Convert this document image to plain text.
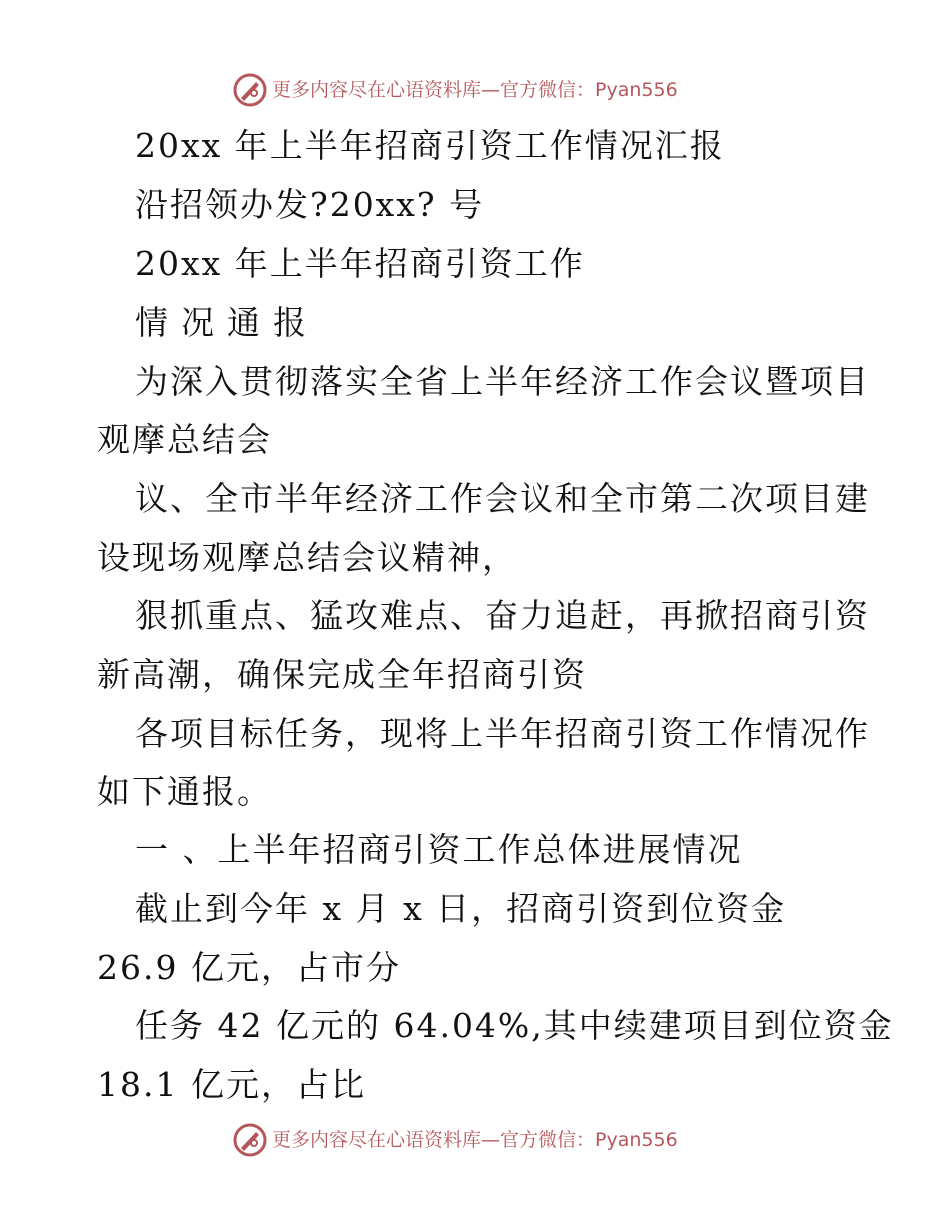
更多内容尽在心语资料库—官方微信：Pyan556
20xx 年上半年招商引资工作情况汇报
沿招领办发?20xx? 号
20xx 年上半年招商引资工作
情况通报
为深入贯彻落实全省上半年经济工作会议暨项目
观摩总结会
议、全市半年经济工作会议和全市第二次项目建
设现场观摩总结会议精神，
狠抓重点、猛攻难点、奋力追赶，再掀招商引资
新高潮，确保完成全年招商引资
各项目标任务，现将上半年招商引资工作情况作
如下通报。
一 、上半年招商引资工作总体进展情况
截止到今年 x 月 x 日，招商引资到位资金
26.9 亿元，占市分
任务 42 亿元的 64.04%,其中续建项目到位资金
18.1 亿元，占比
更多内容尽在心语资料库—官方微信：Pyan556
